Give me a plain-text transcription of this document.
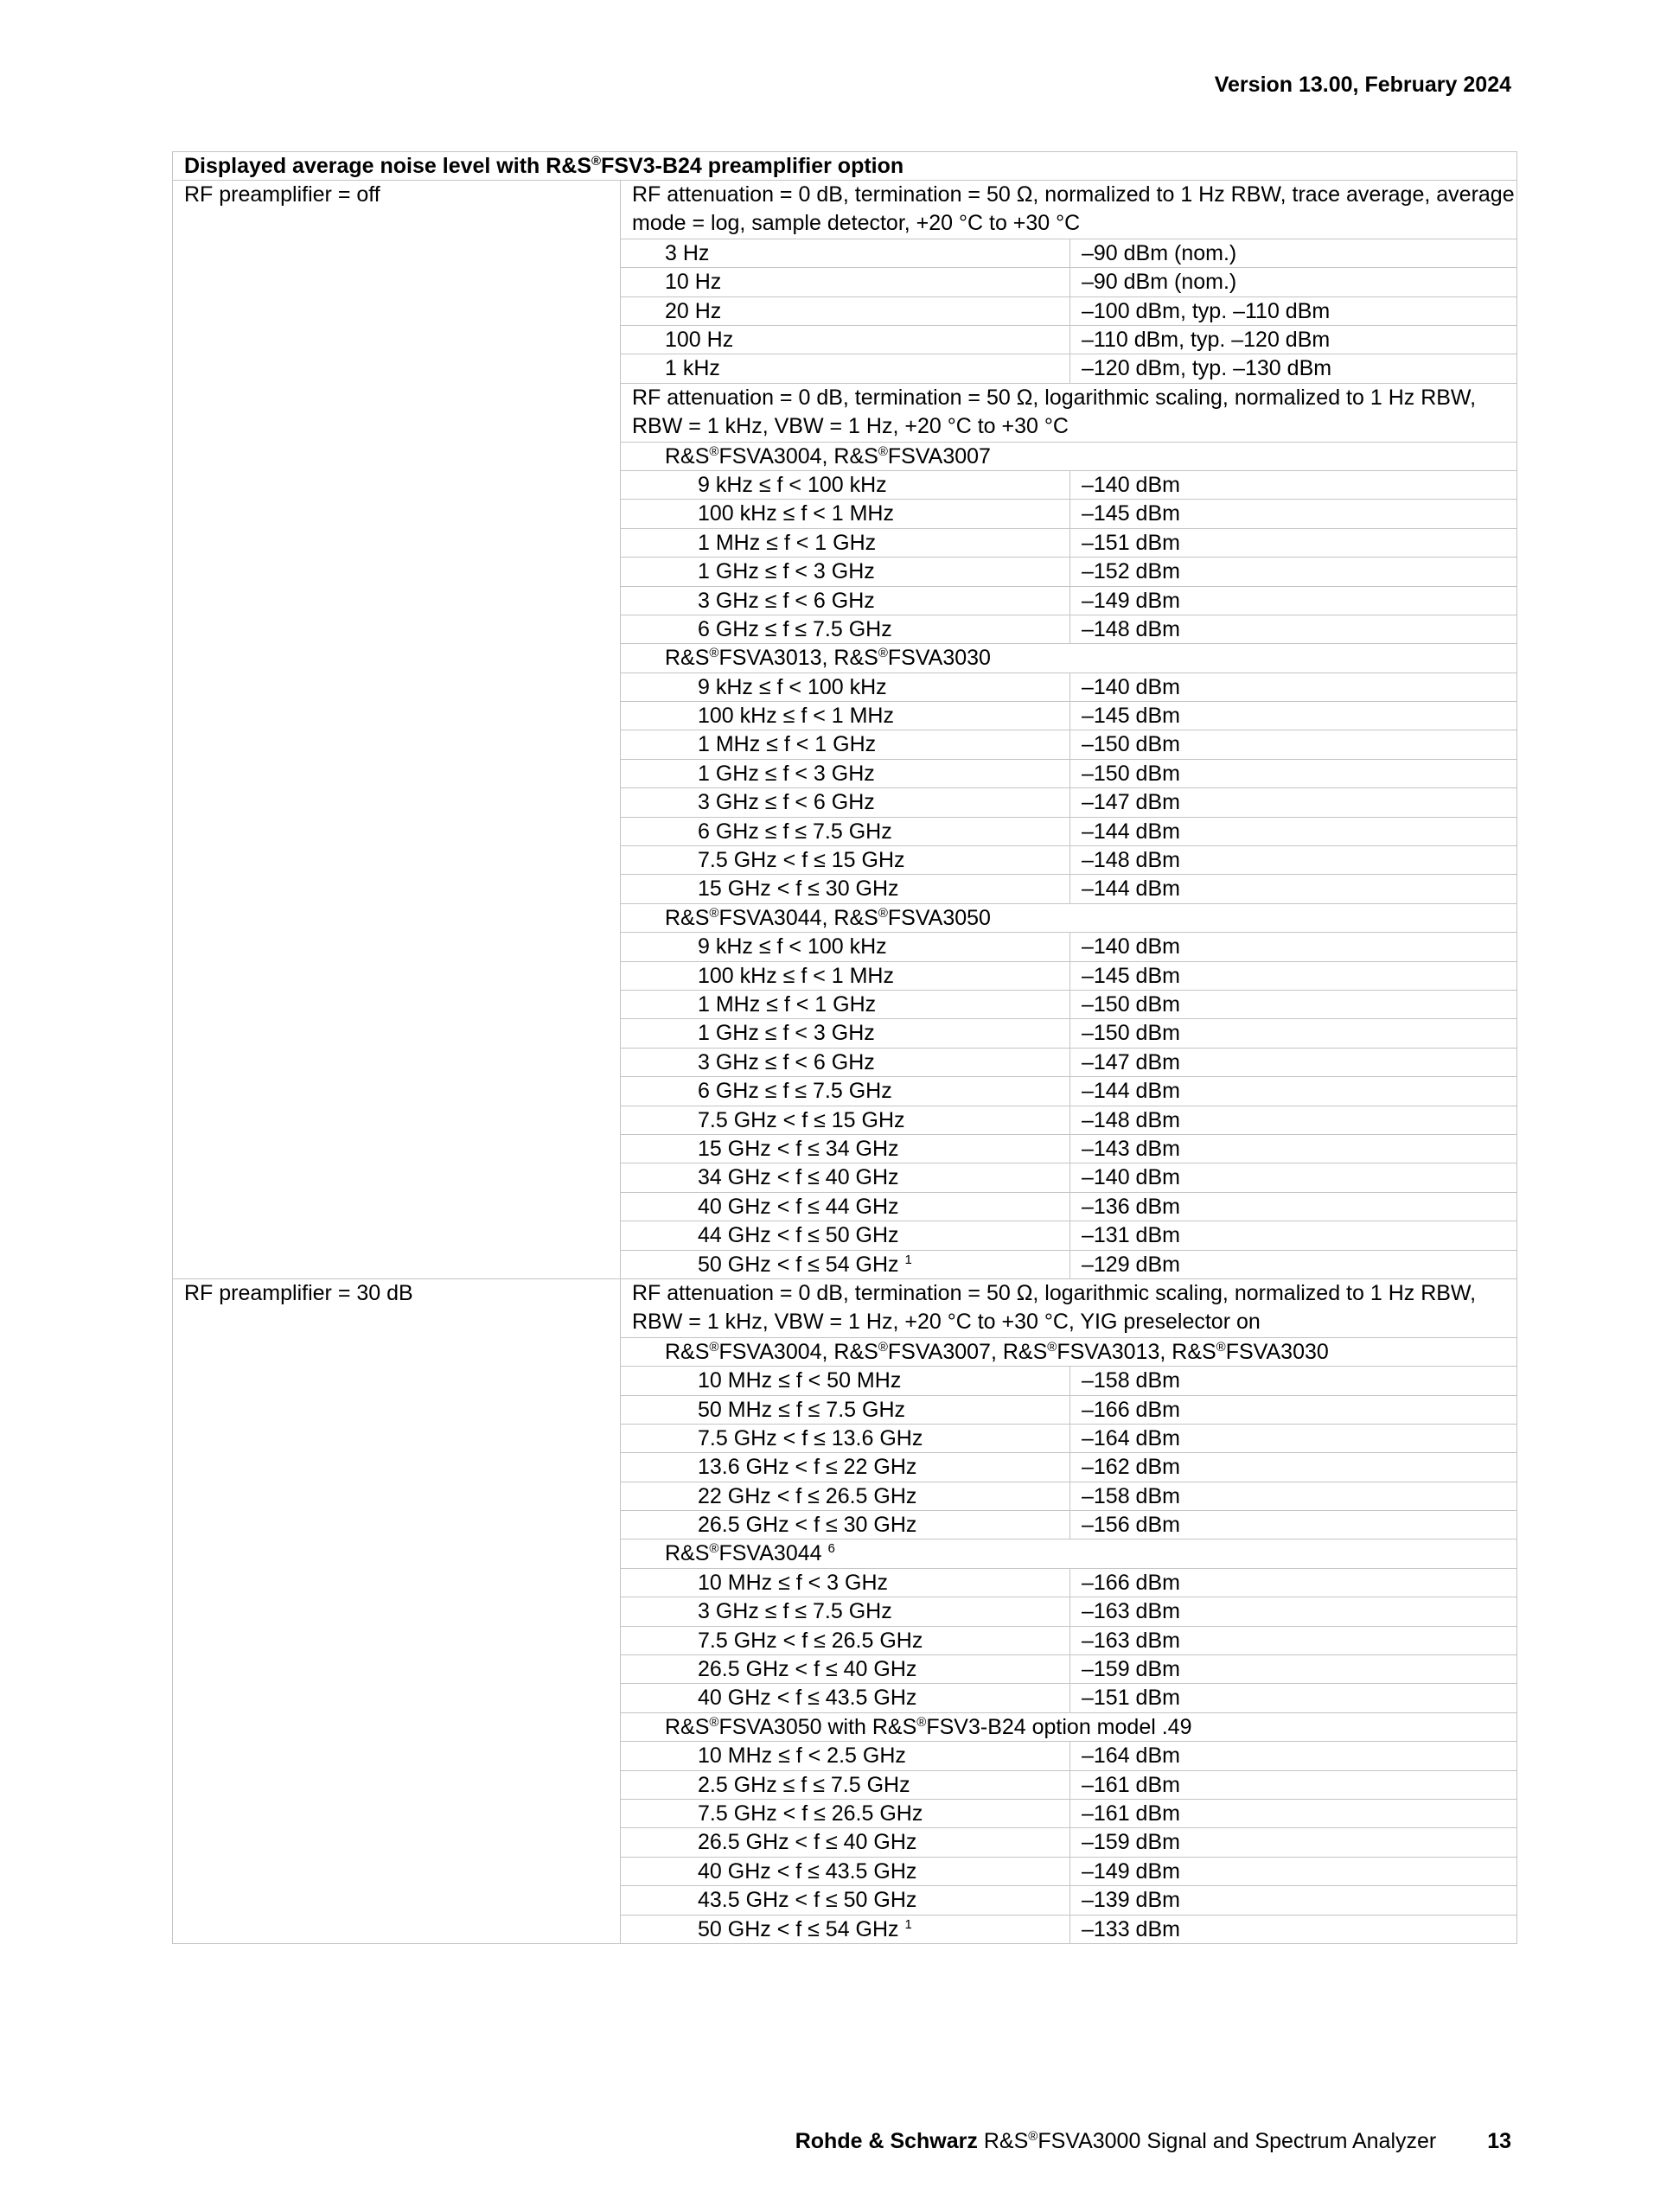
Version 13.00, February 2024
Displayed average noise level with R&S®FSV3-B24 preamplifier option
RF preamplifier = off	RF attenuation = 0 dB, termination = 50 Ω, normalized to 1 Hz RBW, trace average, average mode = log, sample detector, +20 °C to +30 °C
3 Hz	–90 dBm (nom.)
10 Hz	–90 dBm (nom.)
20 Hz	–100 dBm, typ. –110 dBm
100 Hz	–110 dBm, typ. –120 dBm
1 kHz	–120 dBm, typ. –130 dBm
RF attenuation = 0 dB, termination = 50 Ω, logarithmic scaling, normalized to 1 Hz RBW, RBW = 1 kHz, VBW = 1 Hz, +20 °C to +30 °C
R&S®FSVA3004, R&S®FSVA3007
9 kHz ≤ f < 100 kHz	–140 dBm
100 kHz ≤ f < 1 MHz	–145 dBm
1 MHz ≤ f < 1 GHz	–151 dBm
1 GHz ≤ f < 3 GHz	–152 dBm
3 GHz ≤ f < 6 GHz	–149 dBm
6 GHz ≤ f ≤ 7.5 GHz	–148 dBm
R&S®FSVA3013, R&S®FSVA3030
9 kHz ≤ f < 100 kHz	–140 dBm
100 kHz ≤ f < 1 MHz	–145 dBm
1 MHz ≤ f < 1 GHz	–150 dBm
1 GHz ≤ f < 3 GHz	–150 dBm
3 GHz ≤ f < 6 GHz	–147 dBm
6 GHz ≤ f ≤ 7.5 GHz	–144 dBm
7.5 GHz < f ≤ 15 GHz	–148 dBm
15 GHz < f ≤ 30 GHz	–144 dBm
R&S®FSVA3044, R&S®FSVA3050
9 kHz ≤ f < 100 kHz	–140 dBm
100 kHz ≤ f < 1 MHz	–145 dBm
1 MHz ≤ f < 1 GHz	–150 dBm
1 GHz ≤ f < 3 GHz	–150 dBm
3 GHz ≤ f < 6 GHz	–147 dBm
6 GHz ≤ f ≤ 7.5 GHz	–144 dBm
7.5 GHz < f ≤ 15 GHz	–148 dBm
15 GHz < f ≤ 34 GHz	–143 dBm
34 GHz < f ≤ 40 GHz	–140 dBm
40 GHz < f ≤ 44 GHz	–136 dBm
44 GHz < f ≤ 50 GHz	–131 dBm
50 GHz < f ≤ 54 GHz $^1$	–129 dBm
RF preamplifier = 30 dB	RF attenuation = 0 dB, termination = 50 Ω, logarithmic scaling, normalized to 1 Hz RBW, RBW = 1 kHz, VBW = 1 Hz, +20 °C to +30 °C, YIG preselector on
R&S®FSVA3004, R&S®FSVA3007, R&S®FSVA3013, R&S®FSVA3030
10 MHz ≤ f < 50 MHz	–158 dBm
50 MHz ≤ f ≤ 7.5 GHz	–166 dBm
7.5 GHz < f ≤ 13.6 GHz	–164 dBm
13.6 GHz < f ≤ 22 GHz	–162 dBm
22 GHz < f ≤ 26.5 GHz	–158 dBm
26.5 GHz < f ≤ 30 GHz	–156 dBm
R&S®FSVA3044 $^6$
10 MHz ≤ f < 3 GHz	–166 dBm
3 GHz ≤ f ≤ 7.5 GHz	–163 dBm
7.5 GHz < f ≤ 26.5 GHz	–163 dBm
26.5 GHz < f ≤ 40 GHz	–159 dBm
40 GHz < f ≤ 43.5 GHz	–151 dBm
R&S®FSVA3050 with R&S®FSV3-B24 option model .49
10 MHz ≤ f < 2.5 GHz	–164 dBm
2.5 GHz ≤ f ≤ 7.5 GHz	–161 dBm
7.5 GHz < f ≤ 26.5 GHz	–161 dBm
26.5 GHz < f ≤ 40 GHz	–159 dBm
40 GHz < f ≤ 43.5 GHz	–149 dBm
43.5 GHz < f ≤ 50 GHz	–139 dBm
50 GHz < f ≤ 54 GHz $^1$	–133 dBm
Rohde & Schwarz R&S®FSVA3000 Signal and Spectrum Analyzer 13
